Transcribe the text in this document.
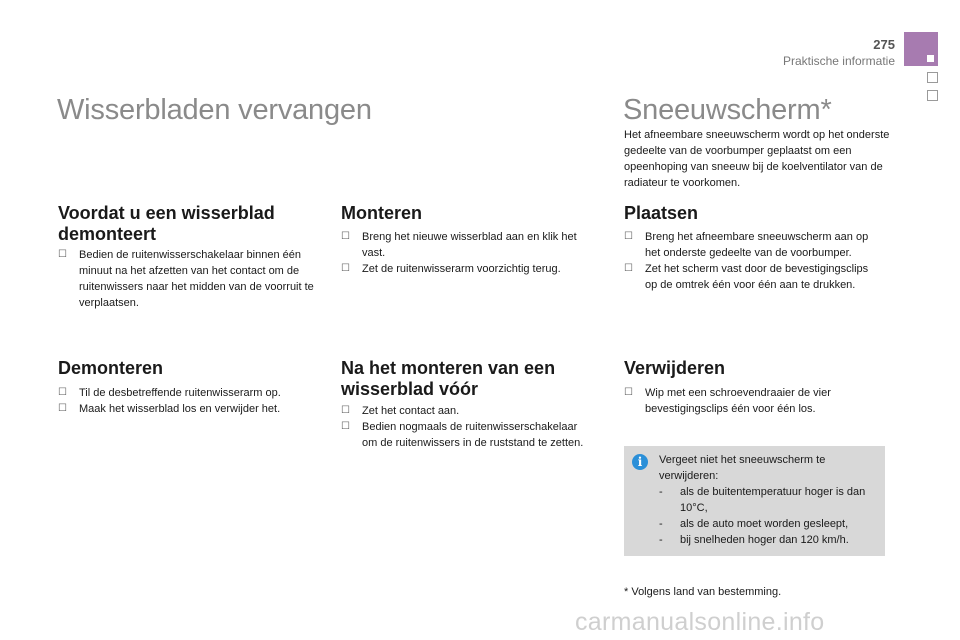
275
Praktische informatie
Wisserbladen vervangen
Voordat u een wisserblad demonteert
☐ Bedien de ruitenwisserschakelaar binnen één minuut na het afzetten van het contact om de ruitenwissers naar het midden van de voorruit te verplaatsen.
Demonteren
☐ Til de desbetreffende ruitenwisserarm op.
☐ Maak het wisserblad los en verwijder het.
Monteren
☐ Breng het nieuwe wisserblad aan en klik het vast.
☐ Zet de ruitenwisserarm voorzichtig terug.
Na het monteren van een wisserblad vóór
☐ Zet het contact aan.
☐ Bedien nogmaals de ruitenwisserschakelaar om de ruitenwissers in de ruststand te zetten.
Sneeuwscherm*

Het afneembare sneeuwscherm wordt op het onderste gedeelte van de voorbumper geplaatst om een opeenhoping van sneeuw bij de koelventilator van de radiateur te voorkomen.

Plaatsen
☐ Breng het afneembare sneeuwscherm aan op het onderste gedeelte van de voorbumper.
☐ Zet het scherm vast door de bevestigingsclips op de omtrek één voor één aan te drukken.
Verwijderen
☐ Wip met een schroevendraaier de vier bevestigingsclips één voor één los.
i	Vergeet niet het sneeuwscherm te verwijderen:
- als de buitentemperatuur hoger is dan 10°C,
- als de auto moet worden gesleept,
- bij snelheden hoger dan 120 km/h.
* Volgens land van bestemming.
carmanualsonline.info
